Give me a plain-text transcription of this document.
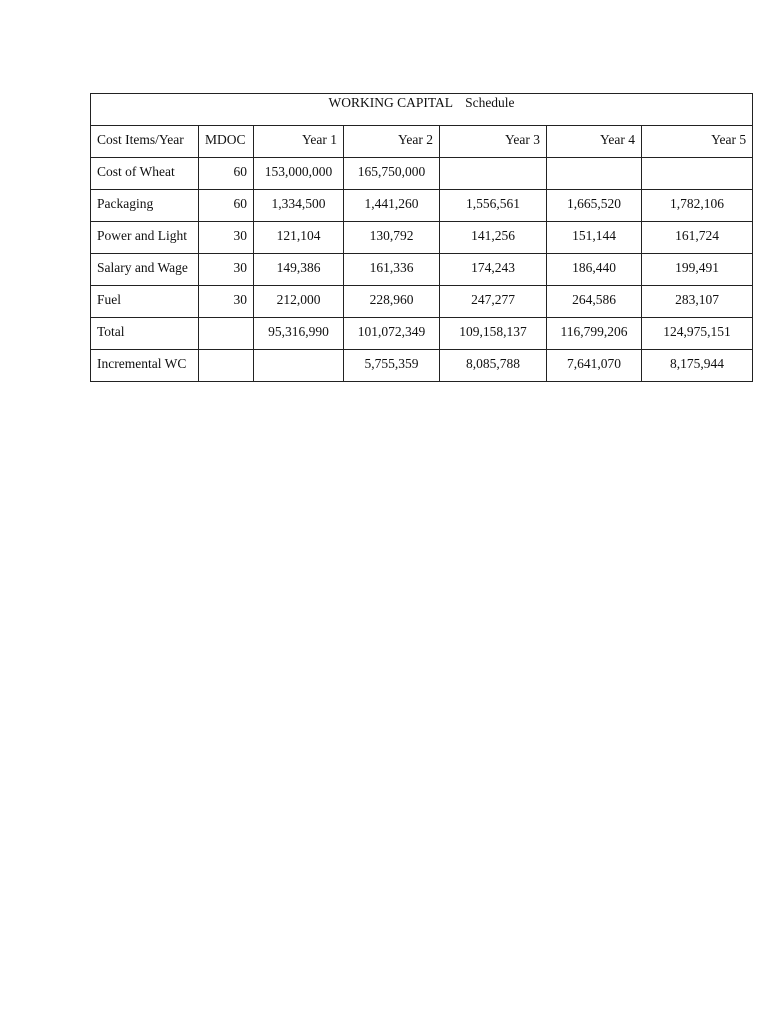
WORKING CAPITAL Schedule						
Cost Items/Year	MDOC	Year 1	Year 2	Year 3	Year 4	Year 5
Cost of Wheat	60	153,000,000	165,750,000			
Packaging	60	1,334,500	1,441,260	1,556,561	1,665,520	1,782,106
Power and Light	30	121,104	130,792	141,256	151,144	161,724
Salary and Wage	30	149,386	161,336	174,243	186,440	199,491
Fuel	30	212,000	228,960	247,277	264,586	283,107
Total		95,316,990	101,072,349	109,158,137	116,799,206	124,975,151
Incremental WC			5,755,359	8,085,788	7,641,070	8,175,944
